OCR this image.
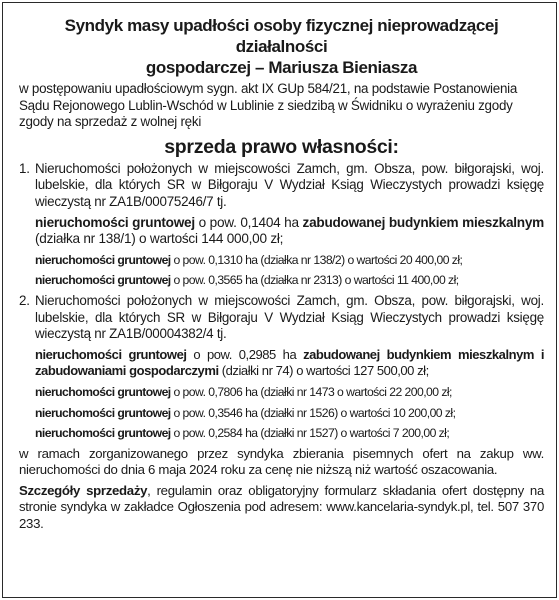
Syndyk masy upadłości osoby fizycznej nieprowadzącej działalności
gospodarczej – Mariusza Bieniasza

w postępowaniu upadłościowym sygn. akt IX GUp 584/21, na podstawie Postanowienia Sądu Rejonowego Lublin-Wschód w Lublinie z siedzibą w Świdniku o wyrażeniu zgody zgody na sprzedaż z wolnej ręki

sprzeda prawo własności:
1. Nieruchomości położonych w miejscowości Zamch, gm. Obsza, pow. biłgorajski, woj. lubelskie, dla których SR w Biłgoraju V Wydział Ksiąg Wieczystych prowadzi księgę wieczystą nr ZA1B/00075246/7 tj.
nieruchomości gruntowej o pow. 0,1404 ha zabudowanej budynkiem mieszkalnym (działka nr 138/1) o wartości 144 000,00 zł;
nieruchomości gruntowej o pow. 0,1310 ha (działka nr 138/2) o wartości 20 400,00 zł;
nieruchomości gruntowej o pow. 0,3565 ha (działka nr 2313) o wartości 11 400,00 zł;
2. Nieruchomości położonych w miejscowości Zamch, gm. Obsza, pow. biłgorajski, woj. lubelskie, dla których SR w Biłgoraju V Wydział Ksiąg Wieczystych prowadzi księgę wieczystą nr ZA1B/00004382/4 tj.
nieruchomości gruntowej o pow. 0,2985 ha zabudowanej budynkiem mieszkalnym i zabudowaniami gospodarczymi (działki nr 74) o wartości 127 500,00 zł;
nieruchomości gruntowej o pow. 0,7806 ha (działki nr 1473 o wartości 22 200,00 zł;
nieruchomości gruntowej o pow. 0,3546 ha (działki nr 1526) o wartości 10 200,00 zł;
nieruchomości gruntowej o pow. 0,2584 ha (działki nr 1527) o wartości 7 200,00 zł;

w ramach zorganizowanego przez syndyka zbierania pisemnych ofert na zakup ww. nieruchomości do dnia 6 maja 2024 roku za cenę nie niższą niż wartość oszacowania.

Szczegóły sprzedaży, regulamin oraz obligatoryjny formularz składania ofert dostępny na stronie syndyka w zakładce Ogłoszenia pod adresem: www.kancelaria-syndyk.pl, tel. 507 370 233.
